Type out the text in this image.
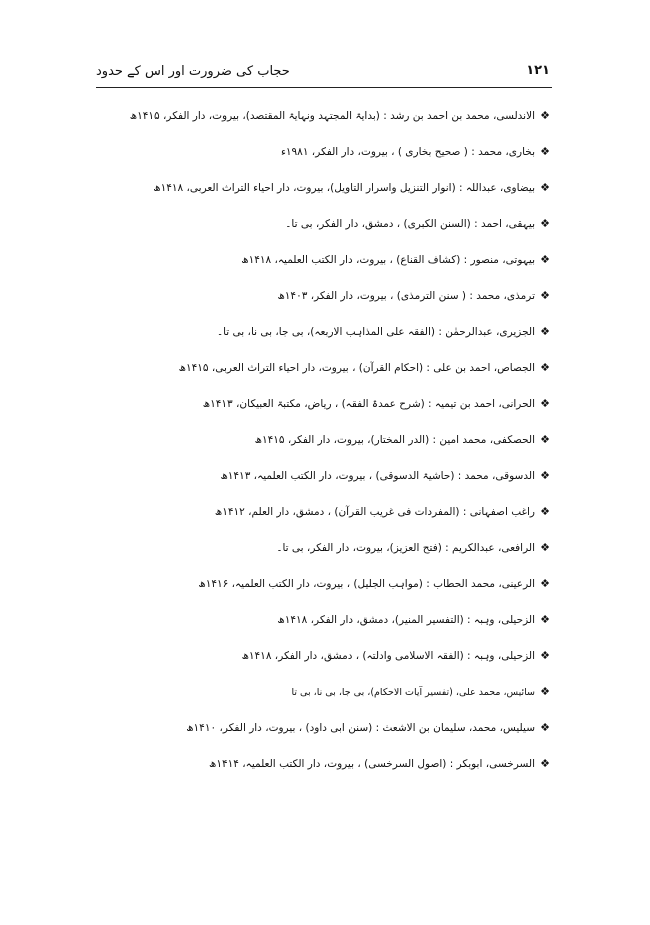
۱۲۱
حجاب کی ضرورت اور اس کے حدود
❖الاندلسی، محمد بن احمد بن رشد : (بدایۃ المجتہد ونہایۃ المقتصد)، بیروت، دار الفکر، ۱۴۱۵ھ
❖بخاری، محمد : ( صحیح بخاری ) ، بیروت، دار الفکر، ۱۹۸۱ء
❖بیضاوی، عبداللہ : (انوار التنزیل واسرار التاویل)، بیروت، دار احیاء التراث العربی، ۱۴۱۸ھ
❖بیہقی، احمد : (السنن الکبری) ، دمشق، دار الفکر، بی تا۔
❖بیہوتی، منصور : (کشاف القناع) ، بیروت، دار الکتب العلمیہ، ۱۴۱۸ھ
❖ترمذی، محمد : ( سنن الترمذی) ، بیروت، دار الفکر، ۱۴۰۳ھ
❖الجزیری، عبدالرحمٰن : (الفقہ علی المذاہب الاربعہ)، بی جا، بی نا، بی تا۔
❖الجصاص، احمد بن علی : (احکام القرآن) ، بیروت، دار احیاء التراث العربی، ۱۴۱۵ھ
❖الحرانی، احمد بن تیمیہ : (شرح عمدۃ الفقہ) ، ریاض، مکتبۃ العبیکان، ۱۴۱۳ھ
❖الحصکفی، محمد امین : (الدر المختار)، بیروت، دار الفکر، ۱۴۱۵ھ
❖الدسوقی، محمد : (حاشیۃ الدسوقی) ، بیروت، دار الکتب العلمیہ، ۱۴۱۳ھ
❖راغب اصفہانی : (المفردات فی غریب القرآن) ، دمشق، دار العلم، ۱۴۱۲ھ
❖الرافعی، عبدالکریم : (فتح العزیز)، بیروت، دار الفکر، بی تا۔
❖الرعینی، محمد الحطاب : (مواہب الجلیل) ، بیروت، دار الکتب العلمیہ، ۱۴۱۶ھ
❖الزحیلی، وہبہ : (التفسیر المنیر)، دمشق، دار الفکر، ۱۴۱۸ھ
❖الزحیلی، وہبہ : (الفقہ الاسلامی وادلتہ) ، دمشق، دار الفکر، ۱۴۱۸ھ
❖سائیس، محمد علی، (تفسیر آیات الاحکام)، بی جا، بی نا، بی تا
❖سیلیس، محمد، سلیمان بن الاشعث : (سنن ابی داود) ، بیروت، دار الفکر، ۱۴۱۰ھ
❖السرخسی، ابوبکر : (اصول السرخسی) ، بیروت، دار الکتب العلمیہ، ۱۴۱۴ھ
